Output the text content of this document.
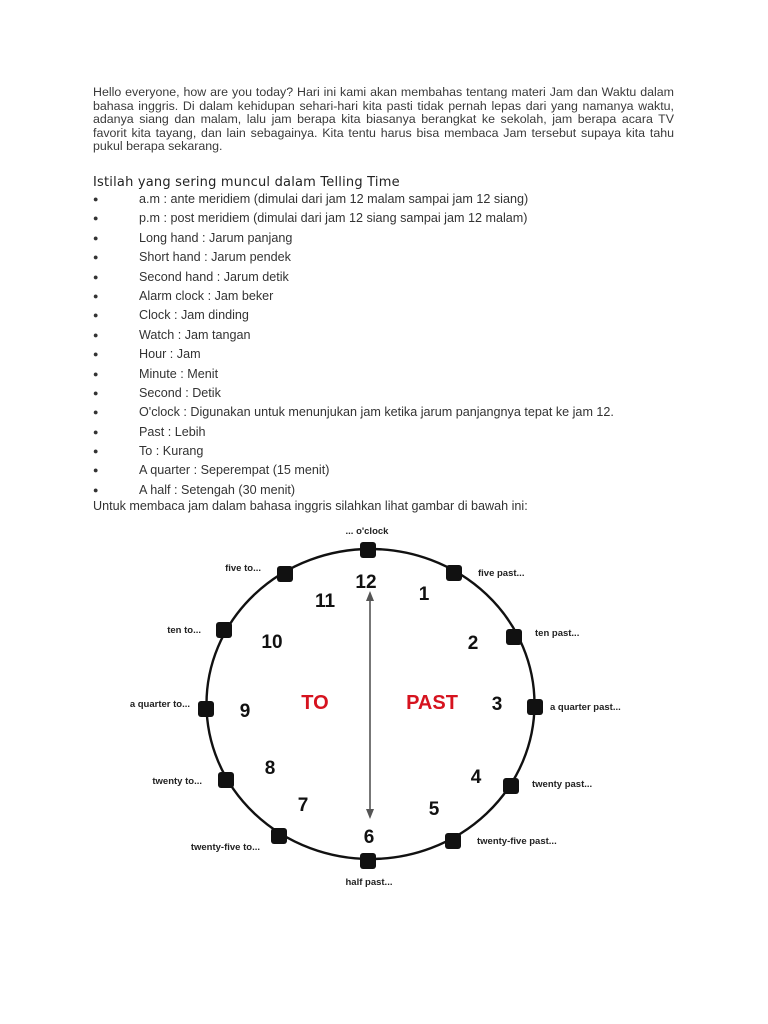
Hello everyone, how are you today? Hari ini kami akan membahas tentang materi Jam dan Waktu dalam bahasa inggris. Di dalam kehidupan sehari-hari kita pasti tidak pernah lepas dari yang namanya waktu, adanya siang dan malam, lalu jam berapa kita biasanya berangkat ke sekolah, jam berapa acara TV favorit kita tayang, dan lain sebagainya. Kita tentu harus bisa membaca Jam tersebut supaya kita tahu pukul berapa sekarang.

Istilah yang sering muncul dalam Telling Time
●	a.m : ante meridiem (dimulai dari jam 12 malam sampai jam 12 siang)
●	p.m : post meridiem (dimulai dari jam 12 siang sampai jam 12 malam)
●	Long hand : Jarum panjang
●	Short hand : Jarum pendek
●	Second hand : Jarum detik
●	Alarm clock : Jam beker
●	Clock : Jam dinding
●	Watch : Jam tangan
●	Hour : Jam
●	Minute : Menit
●	Second : Detik
●	O'clock : Digunakan untuk menunjukan jam ketika jarum panjangnya tepat ke jam 12.
●	Past : Lebih
●	To : Kurang
●	A quarter : Seperempat (15 menit)
●	A half : Setengah (30 menit)

Untuk membaca jam dalam bahasa inggris silahkan lihat gambar di bawah ini:

12
1
2
3
4
5
6
7
8
9
10
11
TO	PAST
... o'clock
five past...
ten past...
a quarter past...
twenty past...
twenty-five past...
half past...
twenty-five to...
twenty to...
a quarter to...
ten to...
five to...
